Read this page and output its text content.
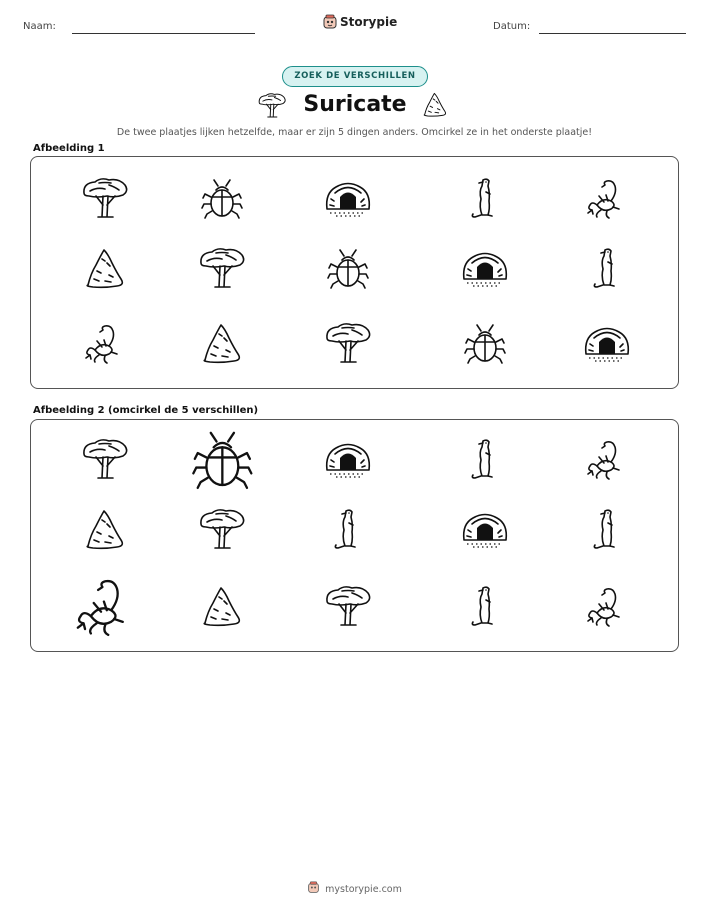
Naam:	Storypie	Datum:
ZOEK DE VERSCHILLEN
Suricate
De twee plaatjes lijken hetzelfde, maar er zijn 5 dingen anders. Omcirkel ze in het onderste plaatje!
Afbeelding 1
Afbeelding 2 (omcirkel de 5 verschillen)
mystorypie.com
